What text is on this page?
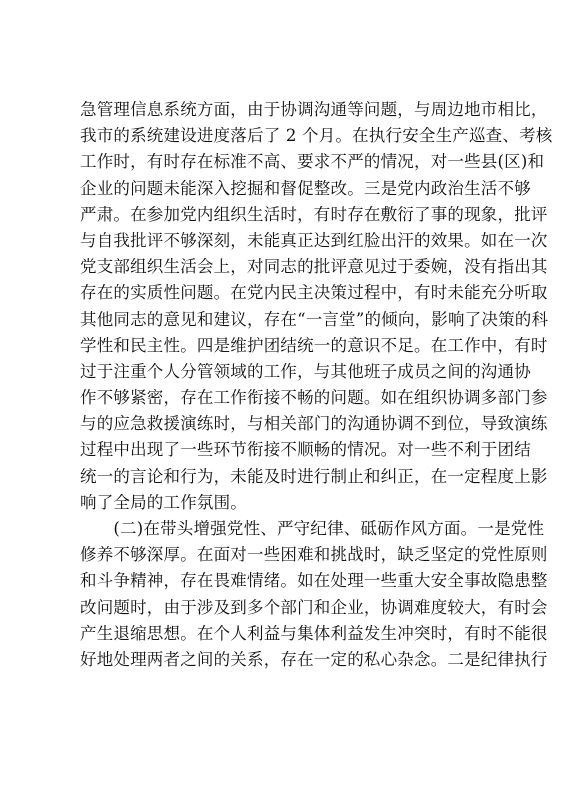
急管理信息系统方面，由于协调沟通等问题，与周边地市相比，
我市的系统建设进度落后了 2 个月。在执行安全生产巡查、考核
工作时，有时存在标准不高、要求不严的情况，对一些县(区)和
企业的问题未能深入挖掘和督促整改。三是党内政治生活不够
严肃。在参加党内组织生活时，有时存在敷衍了事的现象，批评
与自我批评不够深刻，未能真正达到红脸出汗的效果。如在一次
党支部组织生活会上，对同志的批评意见过于委婉，没有指出其
存在的实质性问题。在党内民主决策过程中，有时未能充分听取
其他同志的意见和建议，存在“一言堂”的倾向，影响了决策的科
学性和民主性。四是维护团结统一的意识不足。在工作中，有时
过于注重个人分管领域的工作，与其他班子成员之间的沟通协
作不够紧密，存在工作衔接不畅的问题。如在组织协调多部门参
与的应急救援演练时，与相关部门的沟通协调不到位，导致演练
过程中出现了一些环节衔接不顺畅的情况。对一些不利于团结
统一的言论和行为，未能及时进行制止和纠正，在一定程度上影
响了全局的工作氛围。
　　(二)在带头增强党性、严守纪律、砥砺作风方面。一是党性
修养不够深厚。在面对一些困难和挑战时，缺乏坚定的党性原则
和斗争精神，存在畏难情绪。如在处理一些重大安全事故隐患整
改问题时，由于涉及到多个部门和企业，协调难度较大，有时会
产生退缩思想。在个人利益与集体利益发生冲突时，有时不能很
好地处理两者之间的关系，存在一定的私心杂念。二是纪律执行
